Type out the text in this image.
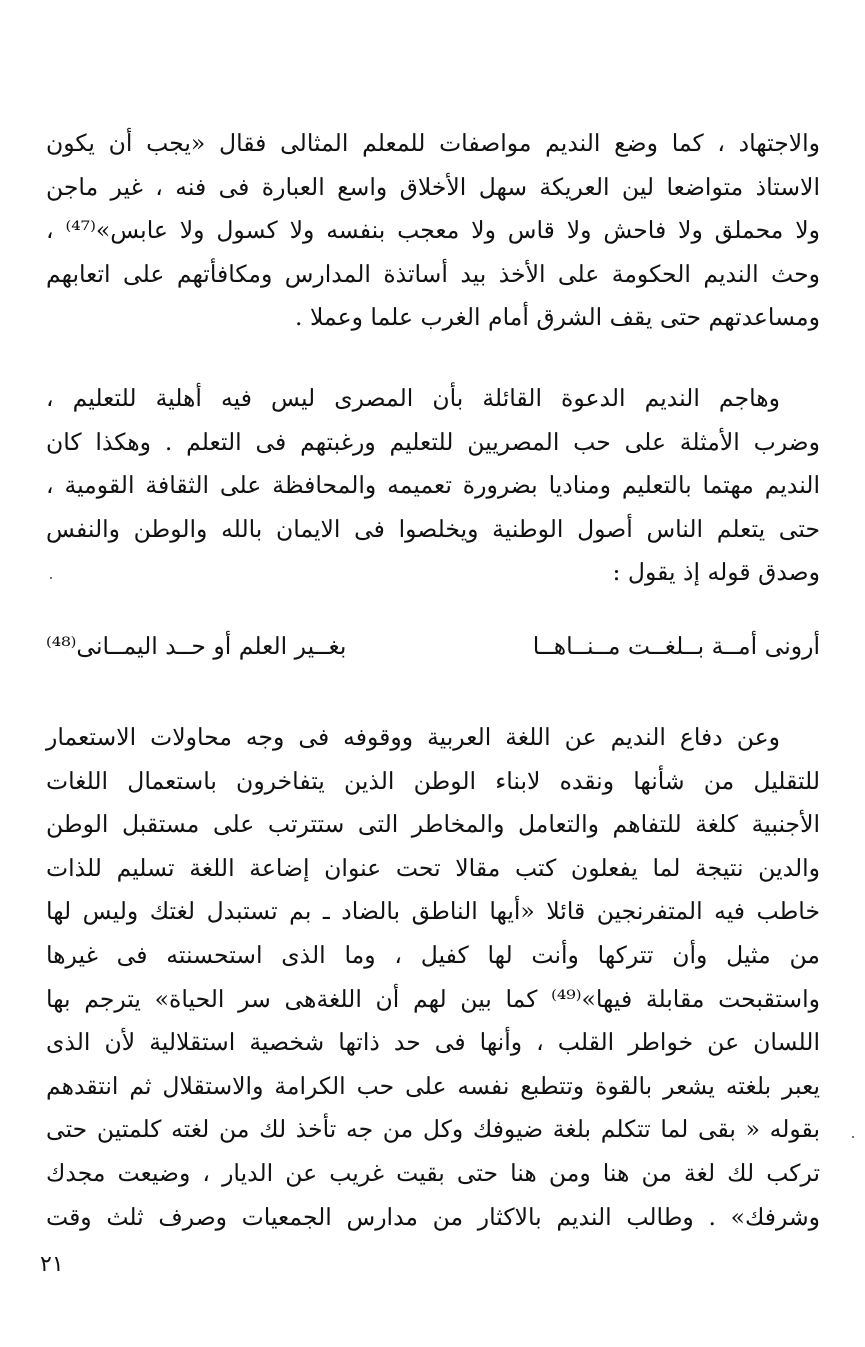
والاجتهاد ، كما وضع النديم مواصفات للمعلم المثالى فقال «يجب أن يكون
الاستاذ متواضعا لين العريكة سهل الأخلاق واسع العبارة فى فنه ، غير ماجن
ولا محملق ولا فاحش ولا قاس ولا معجب بنفسه ولا كسول ولا عابس»⁽⁴⁷⁾ ،
وحث النديم الحكومة على الأخذ بيد أساتذة المدارس ومكافأتهم على اتعابهم
ومساعدتهم حتى يقف الشرق أمام الغرب علما وعملا .
وهاجم النديم الدعوة القائلة بأن المصرى ليس فيه أهلية للتعليم ،
وضرب الأمثلة على حب المصريين للتعليم ورغبتهم فى التعلم . وهكذا كان
النديم مهتما بالتعليم ومناديا بضرورة تعميمه والمحافظة على الثقافة القومية ،
حتى يتعلم الناس أصول الوطنية ويخلصوا فى الايمان بالله والوطن والنفس
وصدق قوله إذ يقول :
أرونى أمــة بــلغــت مــنــاهــا
بغــير العلم أو حــد اليمــانى⁽⁴⁸⁾
وعن دفاع النديم عن اللغة العربية ووقوفه فى وجه محاولات الاستعمار
للتقليل من شأنها ونقده لابناء الوطن الذين يتفاخرون باستعمال اللغات
الأجنبية كلغة للتفاهم والتعامل والمخاطر التى ستترتب على مستقبل الوطن
والدين نتيجة لما يفعلون كتب مقالا تحت عنوان إضاعة اللغة تسليم للذات
خاطب فيه المتفرنجين قائلا «أيها الناطق بالضاد ـ بم تستبدل لغتك وليس لها
من مثيل وأن تتركها وأنت لها كفيل ، وما الذى استحسنته فى غيرها
واستقبحت مقابلة فيها»⁽⁴⁹⁾ كما بين لهم أن اللغةهى سر الحياة» يترجم بها
اللسان عن خواطر القلب ، وأنها فى حد ذاتها شخصية استقلالية لأن الذى
يعبر بلغته يشعر بالقوة وتتطبع نفسه على حب الكرامة والاستقلال ثم انتقدهم
بقوله « بقى لما تتكلم بلغة ضيوفك وكل من جه تأخذ لك من لغته كلمتين حتى
تركب لك لغة من هنا ومن هنا حتى بقيت غريب عن الديار ، وضيعت مجدك
وشرفك» . وطالب النديم بالاكثار من مدارس الجمعيات وصرف ثلث وقت
٢١
